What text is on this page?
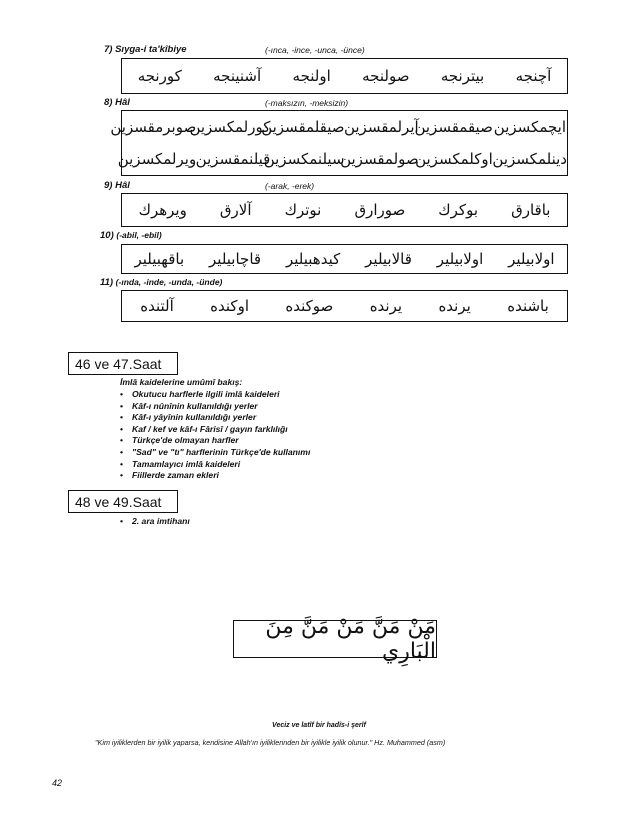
7) Sıyga-i ta'kîbiye	(-ınca, -ince, -unca, -ünce)
آچنجه
بيترنجه
صولنجه
اولنجه
آشنينجه
كورنجه
8) Hâl	(-maksızın, -meksizin)
ايچمكسزين
صيقمقسزين
آيرلمقسزين
صيقلمقسزين
كورلمكسزين
صوبرمقسزين
دينلمكسزين
اوكلمكسزين
صولمقسزين
سيلنمكسزين
قيلنمقسزين
ويرلمكسزين
9) Hâl	(-arak, -erek)
باقارق
بوكرك
صورارق
نوترك
آلارق
ويرهرك
10) (-abil, -ebil)
اولابيلير
اولابيلير
قالابيلير
كيدهبيلير
قاچابيلير
باقهبيلير
11) (-ında, -inde, -unda, -ünde)
باشنده
يرنده
يرنده
صوكنده
اوكنده
آلتنده
46 ve 47.Saat
İmlâ kaidelerine umûmî bakış:
• Okutucu harflerle ilgili imlâ kaideleri
• Kâf-ı nûnînin kullanıldığı yerler
• Kâf-ı yâyînin kullanıldığı yerler
• Kaf / kef ve kâf-ı Fârisî / gayın farklılığı
• Türkçe'de olmayan harfler
• "Sad" ve "tı" harflerinin Türkçe'de kullanımı
• Tamamlayıcı imlâ kaideleri
• Fiillerde zaman ekleri
48 ve 49.Saat
• 2. ara imtihanı
مَنْ مَنَّ مَنْ مَنَّ مِنَ الْبَارِي
Veciz ve latîf bir hadîs-i şerîf
"Kim iyiliklerden bir iyilik yaparsa, kendisine Allah'ın iyiliklerinden bir iyilikle iyilik olunur." Hz. Muhammed (asm)
42
